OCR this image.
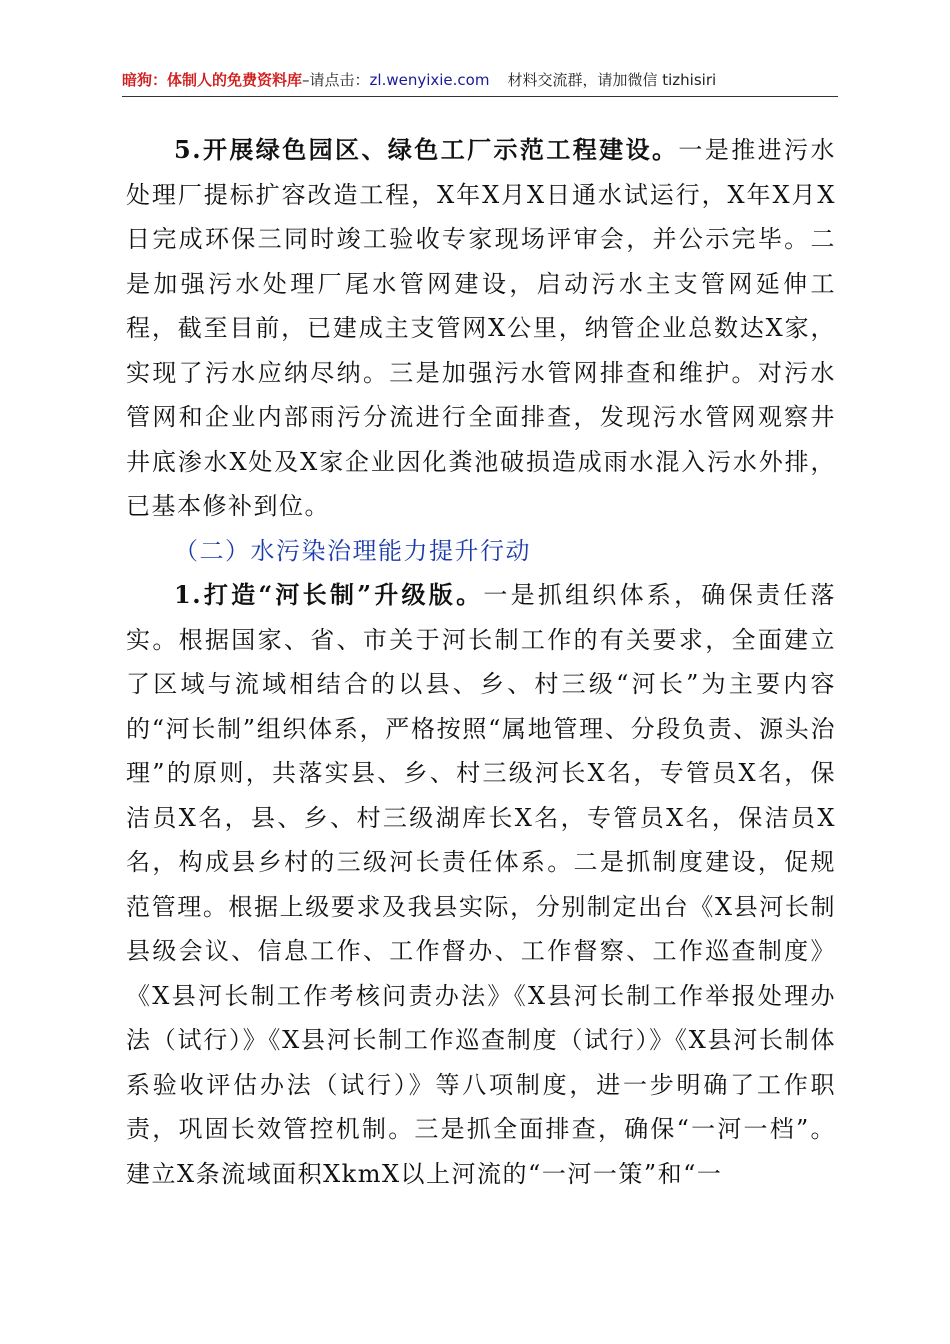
暗狗：体制人的免费资料库–请点击：zl.wenyixie.com 材料交流群，请加微信 tizhisiri

5.开展绿色园区、绿色工厂示范工程建设。一是推进污水处理厂提标扩容改造工程，X年X月X日通水试运行，X年X月X日完成环保三同时竣工验收专家现场评审会，并公示完毕。二是加强污水处理厂尾水管网建设，启动污水主支管网延伸工程，截至目前，已建成主支管网X公里，纳管企业总数达X家，实现了污水应纳尽纳。三是加强污水管网排查和维护。对污水管网和企业内部雨污分流进行全面排查，发现污水管网观察井井底渗水X处及X家企业因化粪池破损造成雨水混入污水外排，已基本修补到位。

（二）水污染治理能力提升行动

1.打造“河长制”升级版。一是抓组织体系，确保责任落实。根据国家、省、市关于河长制工作的有关要求，全面建立了区域与流域相结合的以县、乡、村三级“河长”为主要内容的“河长制”组织体系，严格按照“属地管理、分段负责、源头治理”的原则，共落实县、乡、村三级河长X名，专管员X名，保洁员X名，县、乡、村三级湖库长X名，专管员X名，保洁员X名，构成县乡村的三级河长责任体系。二是抓制度建设，促规范管理。根据上级要求及我县实际，分别制定出台《X县河长制县级会议、信息工作、工作督办、工作督察、工作巡查制度》《X县河长制工作考核问责办法》《X县河长制工作举报处理办法（试行）》《X县河长制工作巡查制度（试行）》《X县河长制体系验收评估办法（试行）》等八项制度，进一步明确了工作职责，巩固长效管控机制。三是抓全面排查，确保“一河一档”。建立X条流域面积XkmX以上河流的“一河一策”和“一
